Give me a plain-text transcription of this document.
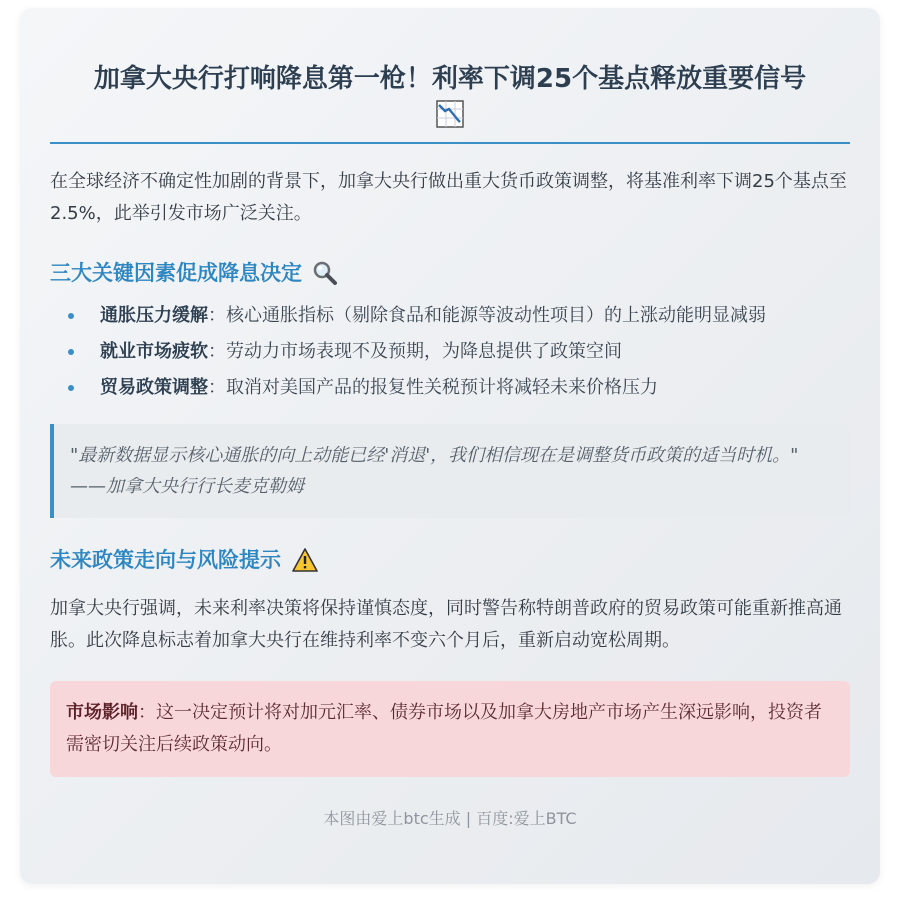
加拿大央行打响降息第一枪！利率下调25个基点释放重要信号

在全球经济不确定性加剧的背景下，加拿大央行做出重大货币政策调整，将基准利率下调25个基点至2.5%，此举引发市场广泛关注。

三大关键因素促成降息决定
通胀压力缓解：核心通胀指标（剔除食品和能源等波动性项目）的上涨动能明显减弱
就业市场疲软：劳动力市场表现不及预期，为降息提供了政策空间
贸易政策调整：取消对美国产品的报复性关税预计将减轻未来价格压力
"最新数据显示核心通胀的向上动能已经'消退'，我们相信现在是调整货币政策的适当时机。"
——加拿大央行行长麦克勒姆
未来政策走向与风险提示

加拿大央行强调，未来利率决策将保持谨慎态度，同时警告称特朗普政府的贸易政策可能重新推高通胀。此次降息标志着加拿大央行在维持利率不变六个月后，重新启动宽松周期。

市场影响：这一决定预计将对加元汇率、债券市场以及加拿大房地产市场产生深远影响，投资者需密切关注后续政策动向。
本图由爱上btc生成 | 百度:爱上BTC
